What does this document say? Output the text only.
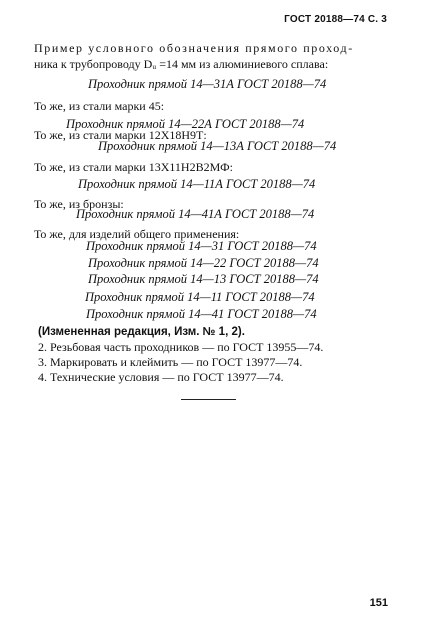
ГОСТ 20188—74 С. 3
Пример условного обозначения прямого проход-
ника к трубопроводу Dᵤ =14 мм из алюминиевого сплава:
Проходник прямой 14—31А ГОСТ 20188—74
То же, из стали марки 45:
Проходник прямой 14—22А ГОСТ 20188—74
То же, из стали марки 12Х18Н9Т:
Проходник прямой 14—13А ГОСТ 20188—74
То же, из стали марки 13Х11Н2В2МФ:
Проходник прямой 14—11А ГОСТ 20188—74
То же, из бронзы:
Проходник прямой 14—41А ГОСТ 20188—74
То же, для изделий общего применения:
Проходник прямой 14—31 ГОСТ 20188—74
Проходник прямой 14—22 ГОСТ 20188—74
Проходник прямой 14—13 ГОСТ 20188—74
Проходник прямой 14—11 ГОСТ 20188—74
Проходник прямой 14—41 ГОСТ 20188—74
(Измененная редакция, Изм. № 1, 2).
2. Резьбовая часть проходников — по ГОСТ 13955—74.
3. Маркировать и клеймить — по ГОСТ 13977—74.
4. Технические условия — по ГОСТ 13977—74.
151
